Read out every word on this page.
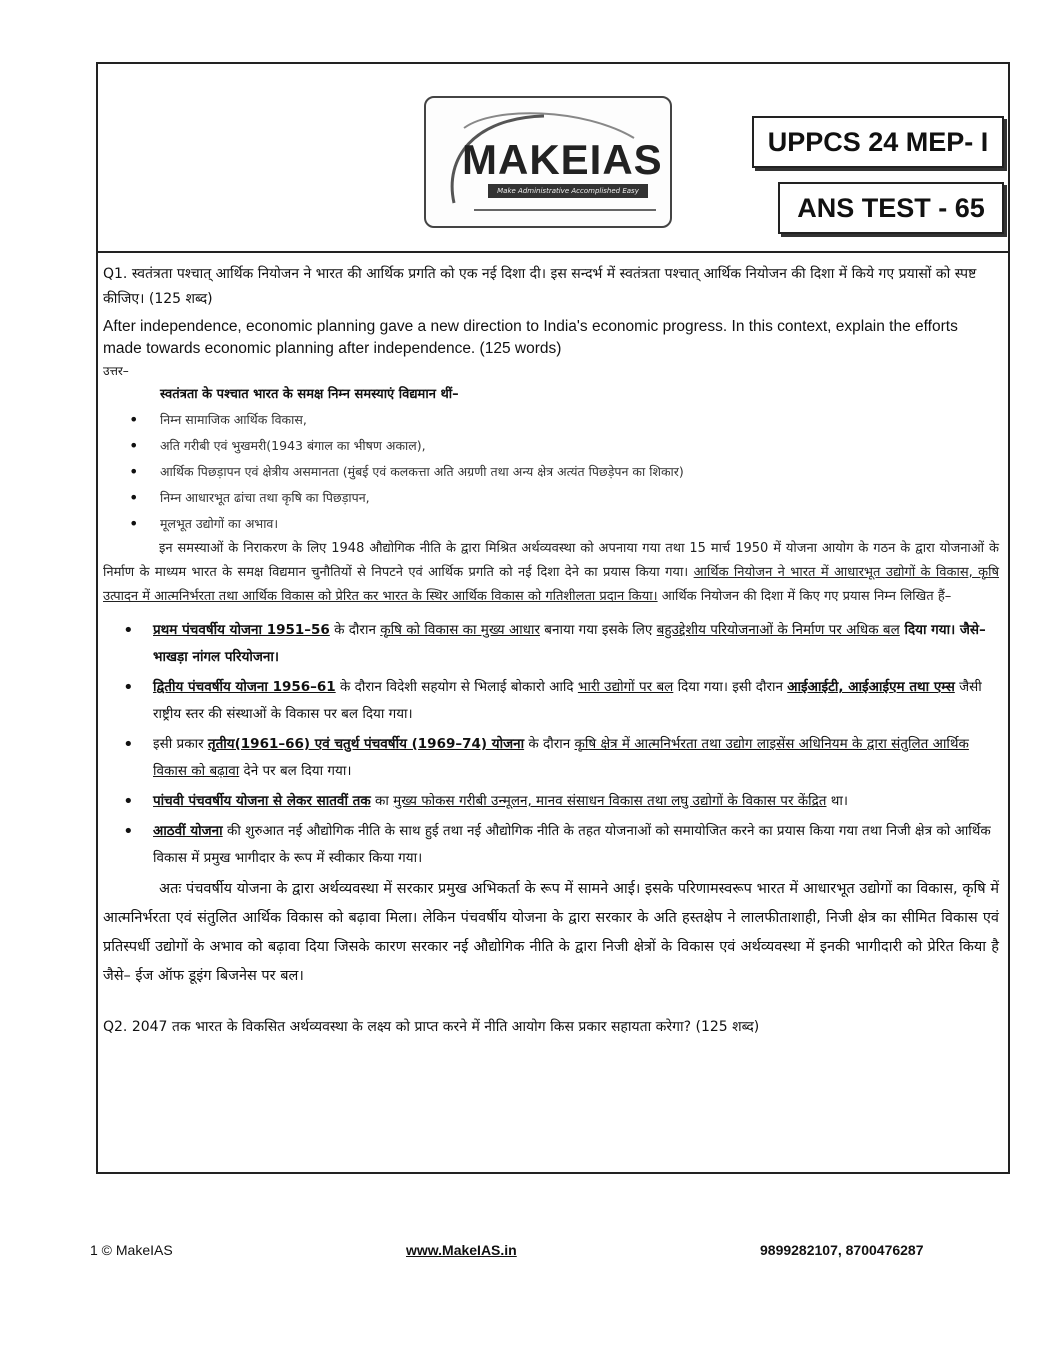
MAKEIAS
Make Administrative Accomplished Easy
UPPCS 24 MEP- I
ANS TEST - 65

Q1. स्वतंत्रता पश्चात् आर्थिक नियोजन ने भारत की आर्थिक प्रगति को एक नई दिशा दी। इस सन्दर्भ में स्वतंत्रता पश्चात् आर्थिक नियोजन की दिशा में किये गए प्रयासों को स्पष्ट कीजिए। (125 शब्द)

After independence, economic planning gave a new direction to India's economic progress. In this context, explain the efforts made towards economic planning after independence. (125 words)

उत्तर–

स्वतंत्रता के पश्चात भारत के समक्ष निम्न समस्याएं विद्यमान थीं–

• निम्न सामाजिक आर्थिक विकास,
• अति गरीबी एवं भुखमरी(1943 बंगाल का भीषण अकाल),
• आर्थिक पिछड़ापन एवं क्षेत्रीय असमानता (मुंबई एवं कलकत्ता अति अग्रणी तथा अन्य क्षेत्र अत्यंत पिछड़ेपन का शिकार)
• निम्न आधारभूत ढांचा तथा कृषि का पिछड़ापन,
• मूलभूत उद्योगों का अभाव।

इन समस्याओं के निराकरण के लिए 1948 औद्योगिक नीति के द्वारा मिश्रित अर्थव्यवस्था को अपनाया गया तथा 15 मार्च 1950 में योजना आयोग के गठन के द्वारा योजनाओं के निर्माण के माध्यम भारत के समक्ष विद्यमान चुनौतियों से निपटने एवं आर्थिक प्रगति को नई दिशा देने का प्रयास किया गया। आर्थिक नियोजन ने भारत में आधारभूत उद्योगों के विकास, कृषि उत्पादन में आत्मनिर्भरता तथा आर्थिक विकास को प्रेरित कर भारत के स्थिर आर्थिक विकास को गतिशीलता प्रदान किया। आर्थिक नियोजन की दिशा में किए गए प्रयास निम्न लिखित हैं–

• प्रथम पंचवर्षीय योजना 1951–56 के दौरान कृषि को विकास का मुख्य आधार बनाया गया इसके लिए बहुउद्देशीय परियोजनाओं के निर्माण पर अधिक बल दिया गया। जैसे– भाखड़ा नांगल परियोजना।
• द्वितीय पंचवर्षीय योजना 1956–61 के दौरान विदेशी सहयोग से भिलाई बोकारो आदि भारी उद्योगों पर बल दिया गया। इसी दौरान आईआईटी, आईआईएम तथा एम्स जैसी राष्ट्रीय स्तर की संस्थाओं के विकास पर बल दिया गया।
• इसी प्रकार तृतीय(1961–66) एवं चतुर्थ पंचवर्षीय (1969–74) योजना के दौरान कृषि क्षेत्र में आत्मनिर्भरता तथा उद्योग लाइसेंस अधिनियम के द्वारा संतुलित आर्थिक विकास को बढ़ावा देने पर बल दिया गया।
• पांचवी पंचवर्षीय योजना से लेकर सातवीं तक का मुख्य फोकस गरीबी उन्मूलन, मानव संसाधन विकास तथा लघु उद्योगों के विकास पर केंद्रित था।
• आठवीं योजना की शुरुआत नई औद्योगिक नीति के साथ हुई तथा नई औद्योगिक नीति के तहत योजनाओं को समायोजित करने का प्रयास किया गया तथा निजी क्षेत्र को आर्थिक विकास में प्रमुख भागीदार के रूप में स्वीकार किया गया।

अतः पंचवर्षीय योजना के द्वारा अर्थव्यवस्था में सरकार प्रमुख अभिकर्ता के रूप में सामने आई। इसके परिणामस्वरूप भारत में आधारभूत उद्योगों का विकास, कृषि में आत्मनिर्भरता एवं संतुलित आर्थिक विकास को बढ़ावा मिला। लेकिन पंचवर्षीय योजना के द्वारा सरकार के अति हस्तक्षेप ने लालफीताशाही, निजी क्षेत्र का सीमित विकास एवं प्रतिस्पर्धी उद्योगों के अभाव को बढ़ावा दिया जिसके कारण सरकार नई औद्योगिक नीति के द्वारा निजी क्षेत्रों के विकास एवं अर्थव्यवस्था में इनकी भागीदारी को प्रेरित किया है जैसे– ईज ऑफ डूइंग बिजनेस पर बल।

Q2. 2047 तक भारत के विकसित अर्थव्यवस्था के लक्ष्य को प्राप्त करने में नीति आयोग किस प्रकार सहायता करेगा? (125 शब्द)

1 © MakeIAS	www.MakeIAS.in	9899282107, 8700476287
